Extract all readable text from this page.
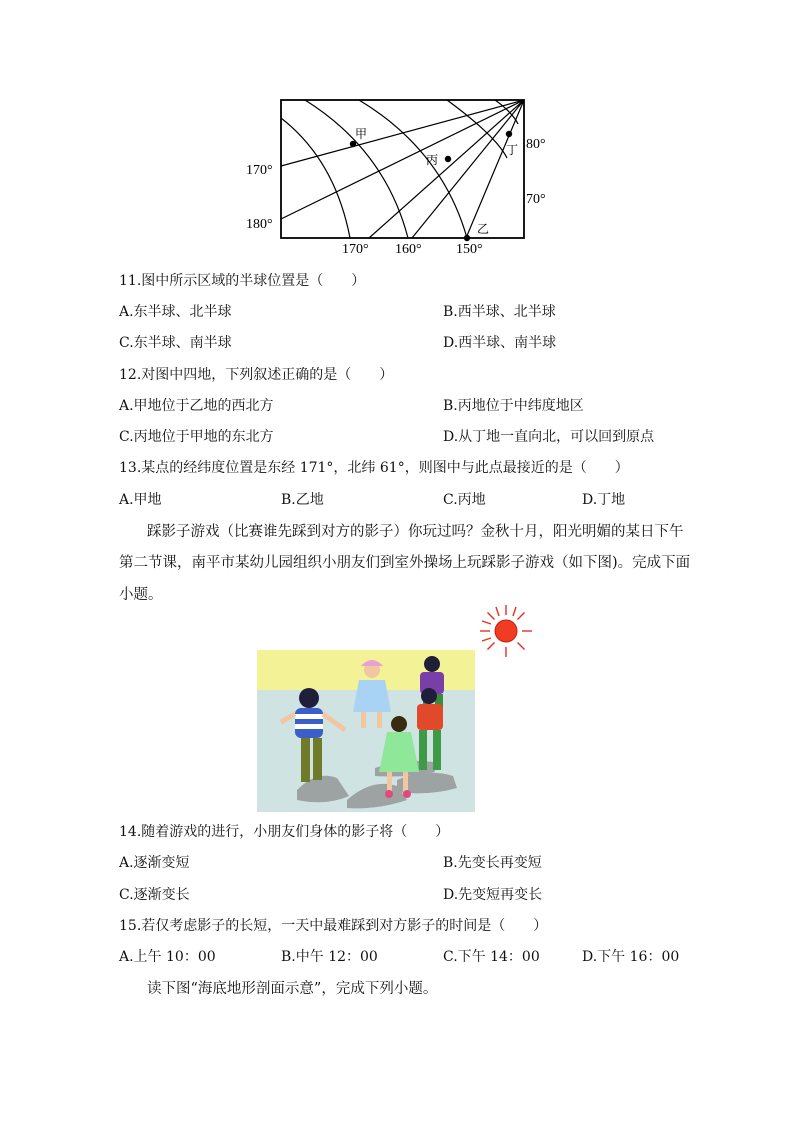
甲
丙
丁
乙
170°
180°
80°
70°
170° 160° 150°
11.图中所示区域的半球位置是（　　）
A.东半球、北半球	B.西半球、北半球
C.东半球、南半球	D.西半球、南半球
12.对图中四地，下列叙述正确的是（　　）
A.甲地位于乙地的西北方	B.丙地位于中纬度地区
C.丙地位于甲地的东北方	D.从丁地一直向北，可以回到原点
13.某点的经纬度位置是东经 171°，北纬 61°，则图中与此点最接近的是（　　）
A.甲地	B.乙地	C.丙地	D.丁地
踩影子游戏（比赛谁先踩到对方的影子）你玩过吗？金秋十月，阳光明媚的某日下午
第二节课，南平市某幼儿园组织小朋友们到室外操场上玩踩影子游戏（如下图)。完成下面
小题。
14.随着游戏的进行，小朋友们身体的影子将（　　）
A.逐渐变短	B.先变长再变短
C.逐渐变长	D.先变短再变长
15.若仅考虑影子的长短，一天中最难踩到对方影子的时间是（　　）
A.上午 10：00	B.中午 12：00	C.下午 14：00	D.下午 16：00
读下图“海底地形剖面示意”，完成下列小题。
